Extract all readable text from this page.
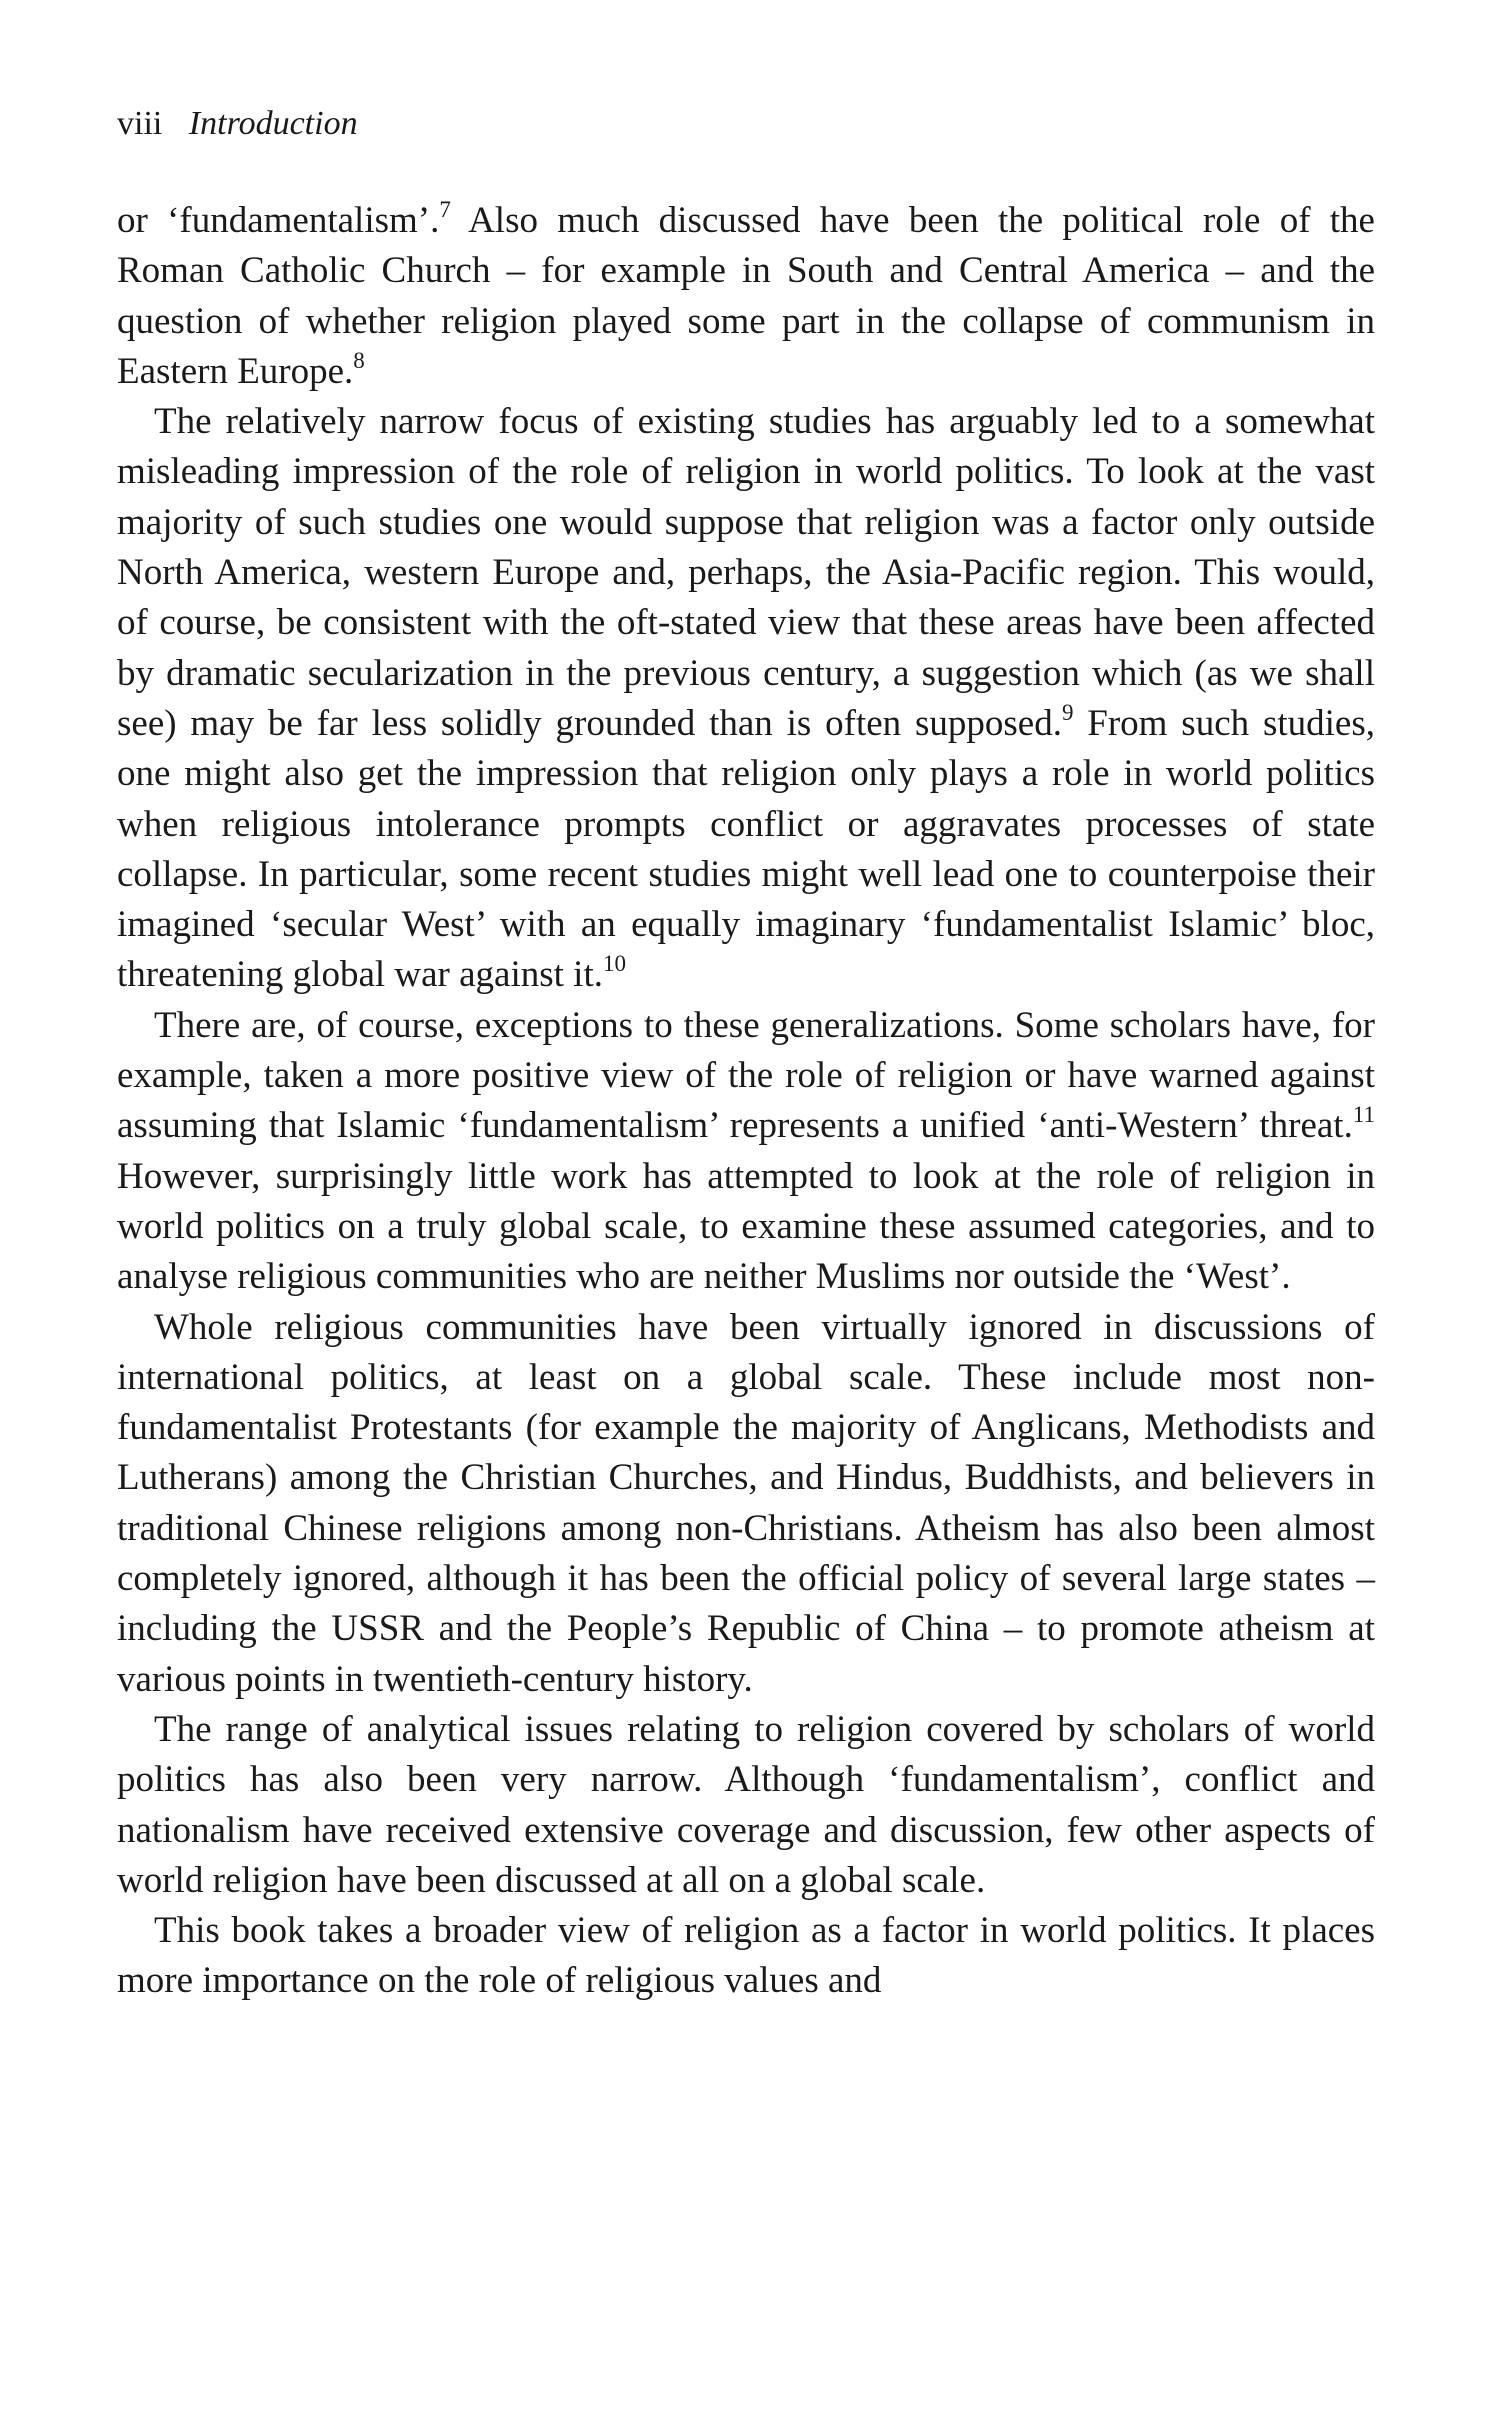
viii Introduction

or ‘fundamentalism’.$^7$ Also much discussed have been the political role of the Roman Catholic Church – for example in South and Central America – and the question of whether religion played some part in the collapse of communism in Eastern Europe.$^8$

The relatively narrow focus of existing studies has arguably led to a somewhat misleading impression of the role of religion in world politics. To look at the vast majority of such studies one would suppose that religion was a factor only outside North America, western Europe and, perhaps, the Asia-Pacific region. This would, of course, be consistent with the oft-stated view that these areas have been affected by dramatic secularization in the previous century, a suggestion which (as we shall see) may be far less solidly grounded than is often supposed.$^9$ From such studies, one might also get the impression that religion only plays a role in world politics when religious intolerance prompts conflict or aggravates processes of state collapse. In particular, some recent studies might well lead one to counterpoise their imagined ‘secular West’ with an equally imaginary ‘fundamentalist Islamic’ bloc, threatening global war against it.$^{10}$

There are, of course, exceptions to these generalizations. Some scholars have, for example, taken a more positive view of the role of religion or have warned against assuming that Islamic ‘fundamentalism’ represents a unified ‘anti-Western’ threat.$^{11}$ However, surprisingly little work has attempted to look at the role of religion in world politics on a truly global scale, to examine these assumed categories, and to analyse religious communities who are neither Muslims nor outside the ‘West’.

Whole religious communities have been virtually ignored in discussions of international politics, at least on a global scale. These include most non-fundamentalist Protestants (for example the majority of Anglicans, Methodists and Lutherans) among the Christian Churches, and Hindus, Buddhists, and believers in traditional Chinese religions among non-Christians. Atheism has also been almost completely ignored, although it has been the official policy of several large states – including the USSR and the People’s Republic of China – to promote atheism at various points in twentieth-century history.

The range of analytical issues relating to religion covered by scholars of world politics has also been very narrow. Although ‘fundamentalism’, conflict and nationalism have received extensive coverage and discussion, few other aspects of world religion have been discussed at all on a global scale.

This book takes a broader view of religion as a factor in world politics. It places more importance on the role of religious values and
